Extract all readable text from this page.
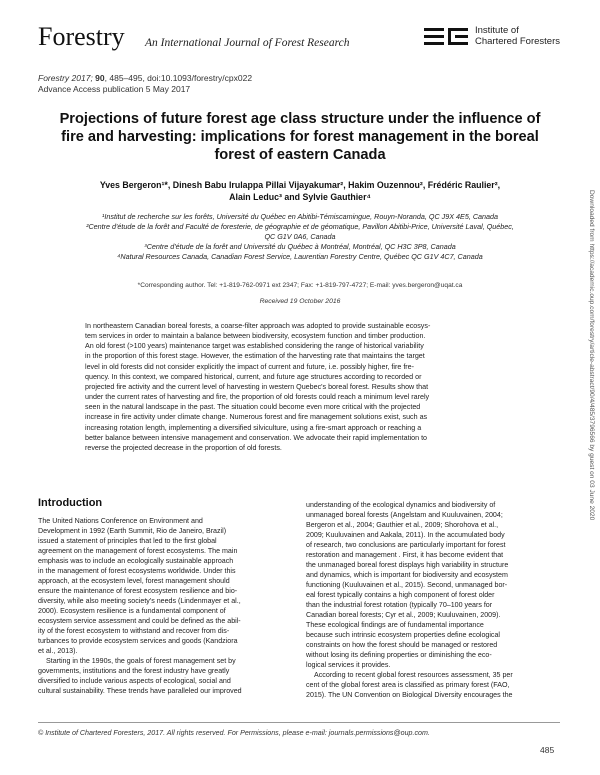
Forestry An International Journal of Forest Research
Institute of
Chartered Foresters
Forestry 2017; 90, 485–495, doi:10.1093/forestry/cpx022
Advance Access publication 5 May 2017
Projections of future forest age class structure under the influence of
fire and harvesting: implications for forest management in the boreal
forest of eastern Canada
Yves Bergeron¹*, Dinesh Babu Irulappa Pillai Vijayakumar², Hakim Ouzennou², Frédéric Raulier²,
Alain Leduc³ and Sylvie Gauthier⁴
¹Institut de recherche sur les forêts, Université du Québec en Abitibi-Témiscamingue, Rouyn-Noranda, QC J9X 4E5, Canada
²Centre d'étude de la forêt and Faculté de foresterie, de géographie et de géomatique, Pavillon Abitibi-Price, Université Laval, Québec,
QC G1V 0A6, Canada
³Centre d'étude de la forêt and Université du Québec à Montréal, Montréal, QC H3C 3P8, Canada
⁴Natural Resources Canada, Canadian Forest Service, Laurentian Forestry Centre, Québec QC G1V 4C7, Canada
*Corresponding author. Tel: +1-819-762-0971 ext 2347; Fax: +1-819-797-4727; E-mail: yves.bergeron@uqat.ca
Received 19 October 2016
In northeastern Canadian boreal forests, a coarse-filter approach was adopted to provide sustainable ecosys-
tem services in order to maintain a balance between biodiversity, ecosystem function and timber production.
An old forest (>100 years) maintenance target was established considering the range of historical variability
in the proportion of this forest stage. However, the estimation of the harvesting rate that maintains the target
level in old forests did not consider explicitly the impact of current and future, i.e. possibly higher, fire fre-
quency. In this context, we compared historical, current, and future age structures according to recorded or
projected fire activity and the current level of harvesting in western Quebec's boreal forest. Results show that
under the current rates of harvesting and fire, the proportion of old forests could reach a minimum level rarely
seen in the natural landscape in the past. The situation could become even more critical with the projected
increase in fire activity under climate change. Numerous forest and fire management solutions exist, such as
increasing rotation length, implementing a diversified silviculture, using a fire-smart approach or reaching a
better balance between intensive management and conservation. We advocate their rapid implementation to
reverse the projected decrease in the proportion of old forests.
Introduction
The United Nations Conference on Environment and
Development in 1992 (Earth Summit, Rio de Janeiro, Brazil)
issued a statement of principles that led to the first global
agreement on the management of forest ecosystems. The main
emphasis was to include an ecologically sustainable approach
in the management of forest ecosystems worldwide. Under this
approach, at the ecosystem level, forest management should
ensure the maintenance of forest ecosystem resilience and bio-
diversity, while also meeting society's needs (Lindenmayer et al.,
2000). Ecosystem resilience is a fundamental component of
ecosystem service assessment and could be defined as the abil-
ity of the forest ecosystem to withstand and recover from dis-
turbances to provide ecosystem services and goods (Kandziora
et al., 2013).
Starting in the 1990s, the goals of forest management set by
governments, institutions and the forest industry have greatly
diversified to include various aspects of ecological, social and
cultural sustainability. These trends have paralleled our improved
understanding of the ecological dynamics and biodiversity of
unmanaged boreal forests (Angelstam and Kuuluvainen, 2004;
Bergeron et al., 2004; Gauthier et al., 2009; Shorohova et al.,
2009; Kuuluvainen and Aakala, 2011). In the accumulated body
of research, two conclusions are particularly important for forest
restoration and management . First, it has become evident that
the unmanaged boreal forest displays high variability in structure
and dynamics, which is important for biodiversity and ecosystem
functioning (Kuuluvainen et al., 2015). Second, unmanaged bor-
eal forest typically contains a high component of forest older
than the industrial forest rotation (typically 70–100 years for
Canadian boreal forests; Cyr et al., 2009; Kuuluvainen, 2009).
These ecological findings are of fundamental importance
because such intrinsic ecosystem properties define ecological
constraints on how the forest should be managed or restored
without losing its defining properties or diminishing the eco-
logical services it provides.
According to recent global forest resources assessment, 35 per
cent of the global forest area is classified as primary forest (FAO,
2015). The UN Convention on Biological Diversity encourages the
© Institute of Chartered Foresters, 2017. All rights reserved. For Permissions, please e-mail: journals.permissions@oup.com.
485
Downloaded from https://academic.oup.com/forestry/article-abstract/90/4/485/3796566 by guest on 03 June 2020
